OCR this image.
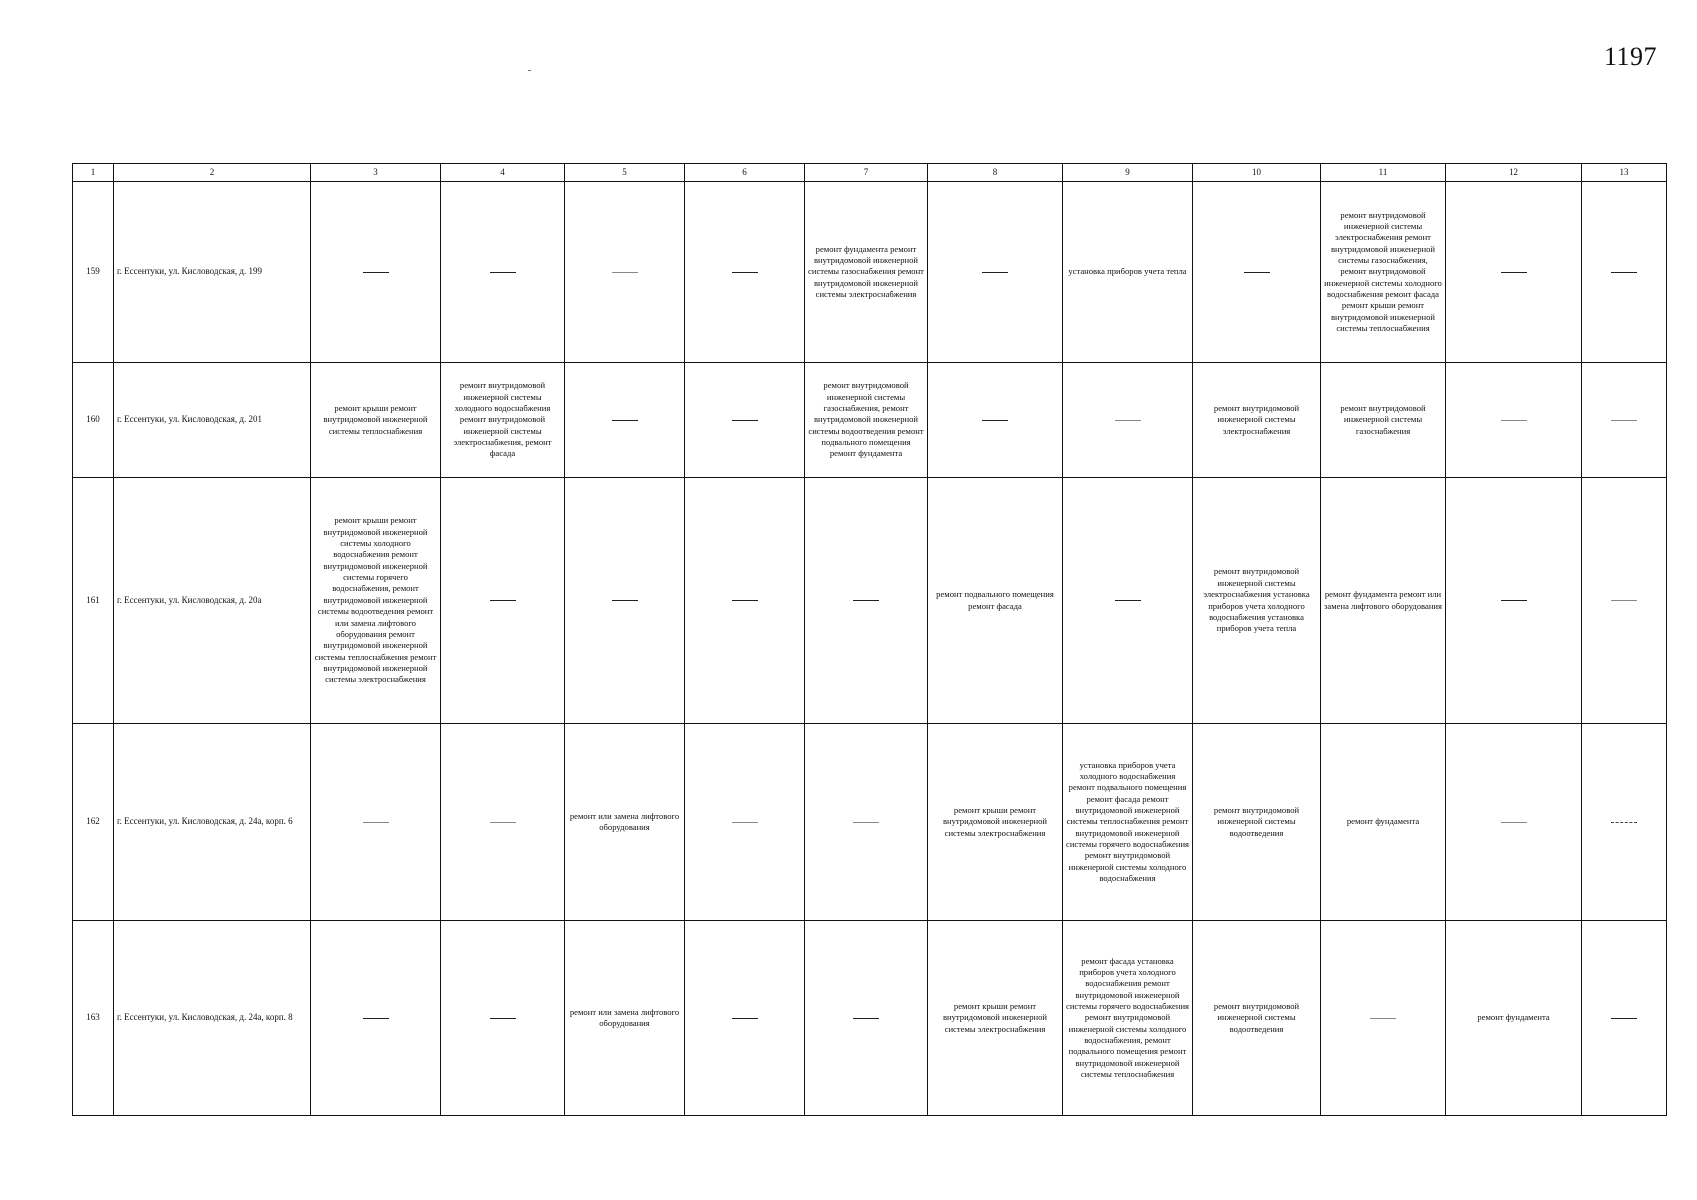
1197
1	2	3	4	5	6	7	8	9	10	11	12	13
159	г. Ессентуки, ул. Кисловодская, д. 199					ремонт фундамента ремонт внутридомовой инженерной системы газоснабжения ремонт внутридомовой инженерной системы электроснабжения		установка приборов учета тепла		ремонт внутридомовой инженерной системы электроснабжения ремонт внутридомовой инженерной системы газоснабжения, ремонт внутридомовой инженерной системы холодного водоснабжения ремонт фасада ремонт крыши ремонт внутридомовой инженерной системы теплоснабжения		
160	г. Ессентуки, ул. Кисловодская, д. 201	ремонт крыши ремонт внутридомовой инженерной системы теплоснабжения	ремонт внутридомовой инженерной системы холодного водоснабжения ремонт внутридомовой инженерной системы электроснабжения, ремонт фасада			ремонт внутридомовой инженерной системы газоснабжения, ремонт внутридомовой инженерной системы водоотведения ремонт подвального помещения ремонт фундамента			ремонт внутридомовой инженерной системы электроснабжения	ремонт внутридомовой инженерной системы газоснабжения		
161	г. Ессентуки, ул. Кисловодская, д. 20а	ремонт крыши ремонт внутридомовой инженерной системы холодного водоснабжения ремонт внутридомовой инженерной системы горячего водоснабжения, ремонт внутридомовой инженерной системы водоотведения ремонт или замена лифтового оборудования ремонт внутридомовой инженерной системы теплоснабжения ремонт внутридомовой инженерной системы электроснабжения					ремонт подвального помещения ремонт фасада		ремонт внутридомовой инженерной системы электроснабжения установка приборов учета холодного водоснабжения установка приборов учета тепла	ремонт фундамента ремонт или замена лифтового оборудования		
162	г. Ессентуки, ул. Кисловодская, д. 24а, корп. 6			ремонт или замена лифтового оборудования			ремонт крыши ремонт внутридомовой инженерной системы электроснабжения	установка приборов учета холодного водоснабжения ремонт подвального помещения ремонт фасада ремонт внутридомовой инженерной системы теплоснабжения ремонт внутридомовой инженерной системы горячего водоснабжения ремонт внутридомовой инженерной системы холодного водоснабжения	ремонт внутридомовой инженерной системы водоотведения	ремонт фундамента		
163	г. Ессентуки, ул. Кисловодская, д. 24а, корп. 8			ремонт или замена лифтового оборудования			ремонт крыши ремонт внутридомовой инженерной системы электроснабжения	ремонт фасада установка приборов учета холодного водоснабжения ремонт внутридомовой инженерной системы горячего водоснабжения ремонт внутридомовой инженерной системы холодного водоснабжения, ремонт подвального помещения ремонт внутридомовой инженерной системы теплоснабжения	ремонт внутридомовой инженерной системы водоотведения		ремонт фундамента	
